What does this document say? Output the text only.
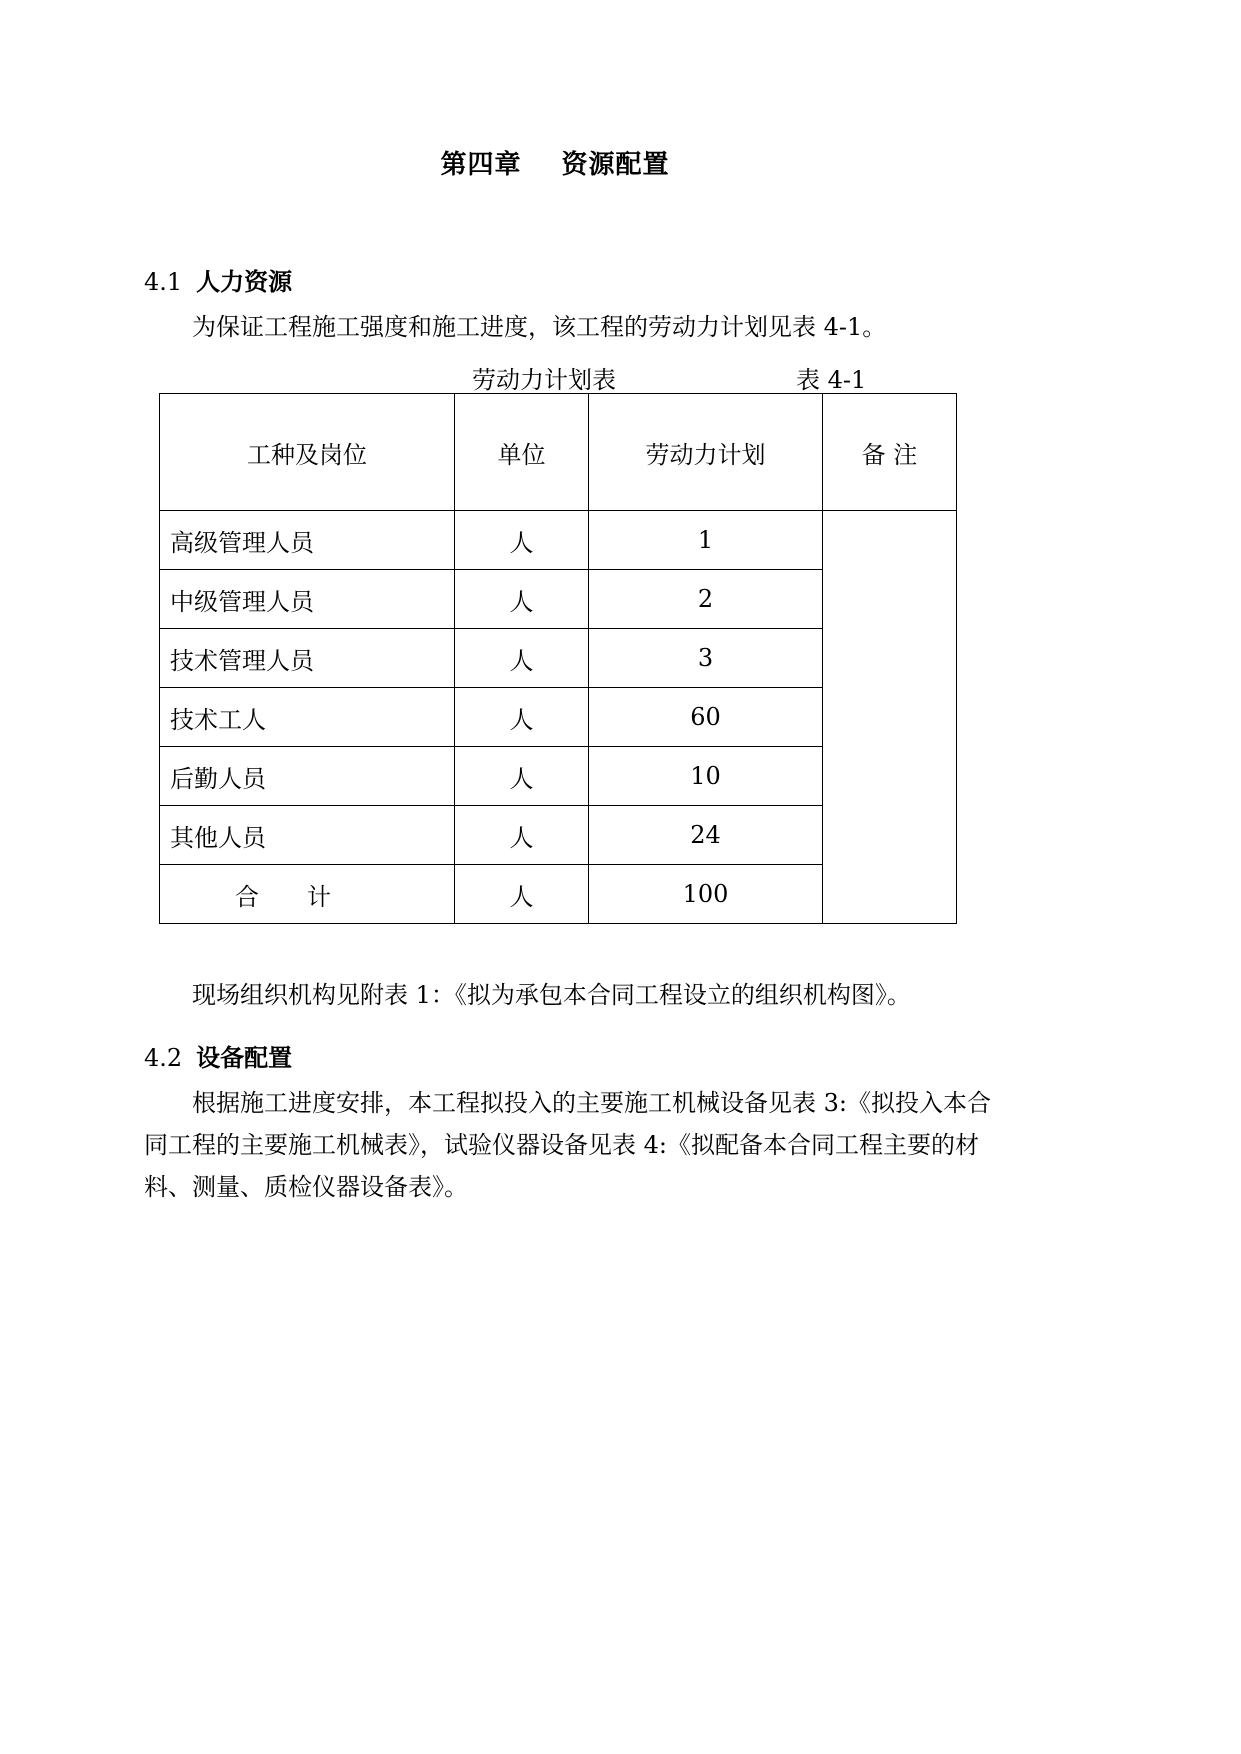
第四章 资源配置
4.1 人力资源

为保证工程施工强度和施工进度，该工程的劳动力计划见表 4-1。

劳动力计划表	表 4-1
工种及岗位	单位	劳动力计划	备 注
高级管理人员	人	1	
中级管理人员	人	2	
技术管理人员	人	3	
技术工人	人	60	
后勤人员	人	10	
其他人员	人	24	
合计	人	100	

现场组织机构见附表 1：《拟为承包本合同工程设立的组织机构图》。

4.2 设备配置

根据施工进度安排，本工程拟投入的主要施工机械设备见表 3:《拟投入本合同工程的主要施工机械表》，试验仪器设备见表 4:《拟配备本合同工程主要的材料、测量、质检仪器设备表》。
